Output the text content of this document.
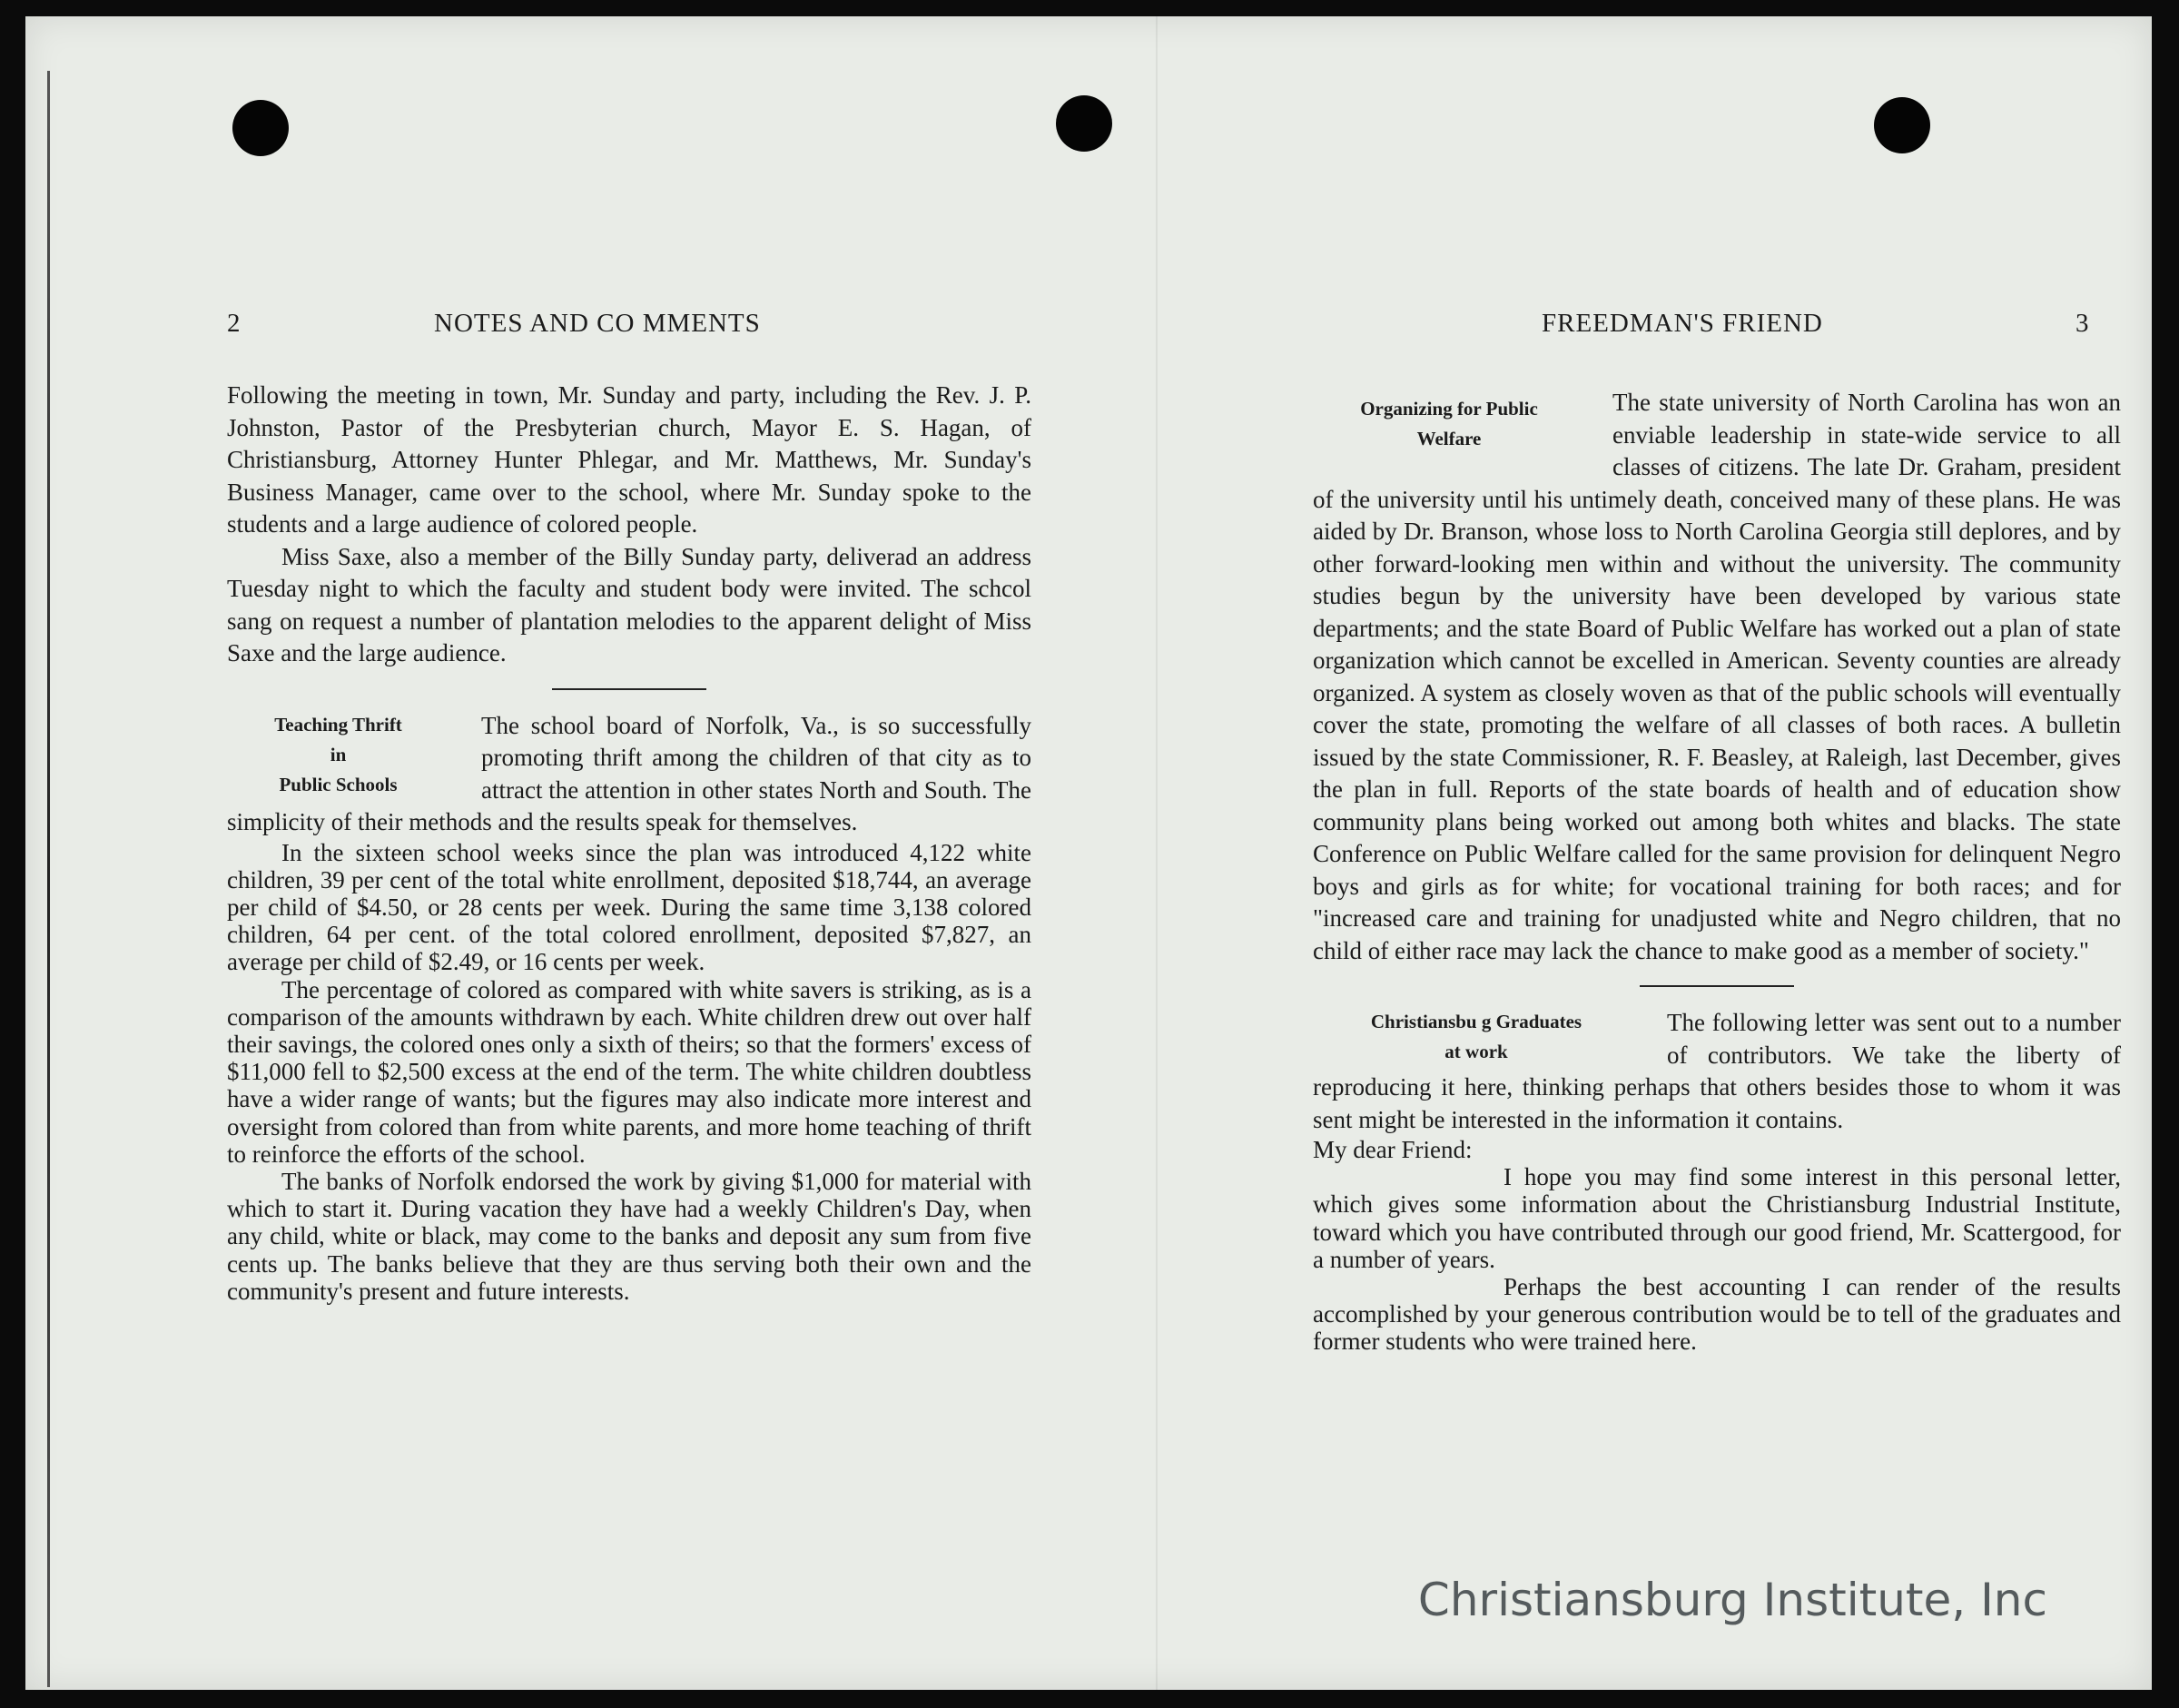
2	NOTES AND CO MMENTS	FREEDMAN'S FRIEND	3

Following the meeting in town, Mr. Sunday and party, including the Rev. J. P. Johnston, Pastor of the Presbyterian church, Mayor E. S. Hagan, of Christiansburg, Attorney Hunter Phlegar, and Mr. Matthews, Mr. Sunday's Business Manager, came over to the school, where Mr. Sunday spoke to the students and a large audience of colored people.

Miss Saxe, also a member of the Billy Sunday party, deliverad an address Tuesday night to which the faculty and student body were invited. The schcol sang on request a number of plantation melodies to the apparent delight of Miss Saxe and the large audience.

Teaching Thrift
in
Public Schools

The school board of Norfolk, Va., is so successfully promoting thrift among the children of that city as to attract the attention in other states North and South. The simplicity of their methods and the results speak for themselves.

In the sixteen school weeks since the plan was introduced 4,122 white children, 39 per cent of the total white enrollment, deposited $18,744, an average per child of $4.50, or 28 cents per week. During the same time 3,138 colored children, 64 per cent. of the total colored enrollment, deposited $7,827, an average per child of $2.49, or 16 cents per week.

The percentage of colored as compared with white savers is striking, as is a comparison of the amounts withdrawn by each. White children drew out over half their savings, the colored ones only a sixth of theirs; so that the formers' excess of $11,000 fell to $2,500 excess at the end of the term. The white children doubtless have a wider range of wants; but the figures may also indicate more interest and oversight from colored than from white parents, and more home teaching of thrift to reinforce the efforts of the school.

The banks of Norfolk endorsed the work by giving $1,000 for material with which to start it. During vacation they have had a weekly Children's Day, when any child, white or black, may come to the banks and deposit any sum from five cents up. The banks believe that they are thus serving both their own and the community's present and future interests.

Organizing for Public
Welfare

The state university of North Carolina has won an enviable leadership in state-wide service to all classes of citizens. The late Dr. Graham, president of the university until his untimely death, conceived many of these plans. He was aided by Dr. Branson, whose loss to North Carolina Georgia still deplores, and by other forward-looking men within and without the university. The community studies begun by the university have been developed by various state departments; and the state Board of Public Welfare has worked out a plan of state organization which cannot be excelled in American. Seventy counties are already organized. A system as closely woven as that of the public schools will eventually cover the state, promoting the welfare of all classes of both races. A bulletin issued by the state Commissioner, R. F. Beasley, at Raleigh, last December, gives the plan in full. Reports of the state boards of health and of education show community plans being worked out among both whites and blacks. The state Conference on Public Welfare called for the same provision for delinquent Negro boys and girls as for white; for vocational training for both races; and for "increased care and training for unadjusted white and Negro children, that no child of either race may lack the chance to make good as a member of society."

Christiansbu g Graduates
at work

The following letter was sent out to a number of contributors. We take the liberty of reproducing it here, thinking perhaps that others besides those to whom it was sent might be interested in the information it contains.

My dear Friend:

I hope you may find some interest in this personal letter, which gives some information about the Christiansburg Industrial Institute, toward which you have contributed through our good friend, Mr. Scattergood, for a number of years.

Perhaps the best accounting I can render of the results accomplished by your generous contribution would be to tell of the graduates and former students who were trained here.

Christiansburg Institute, Inc
